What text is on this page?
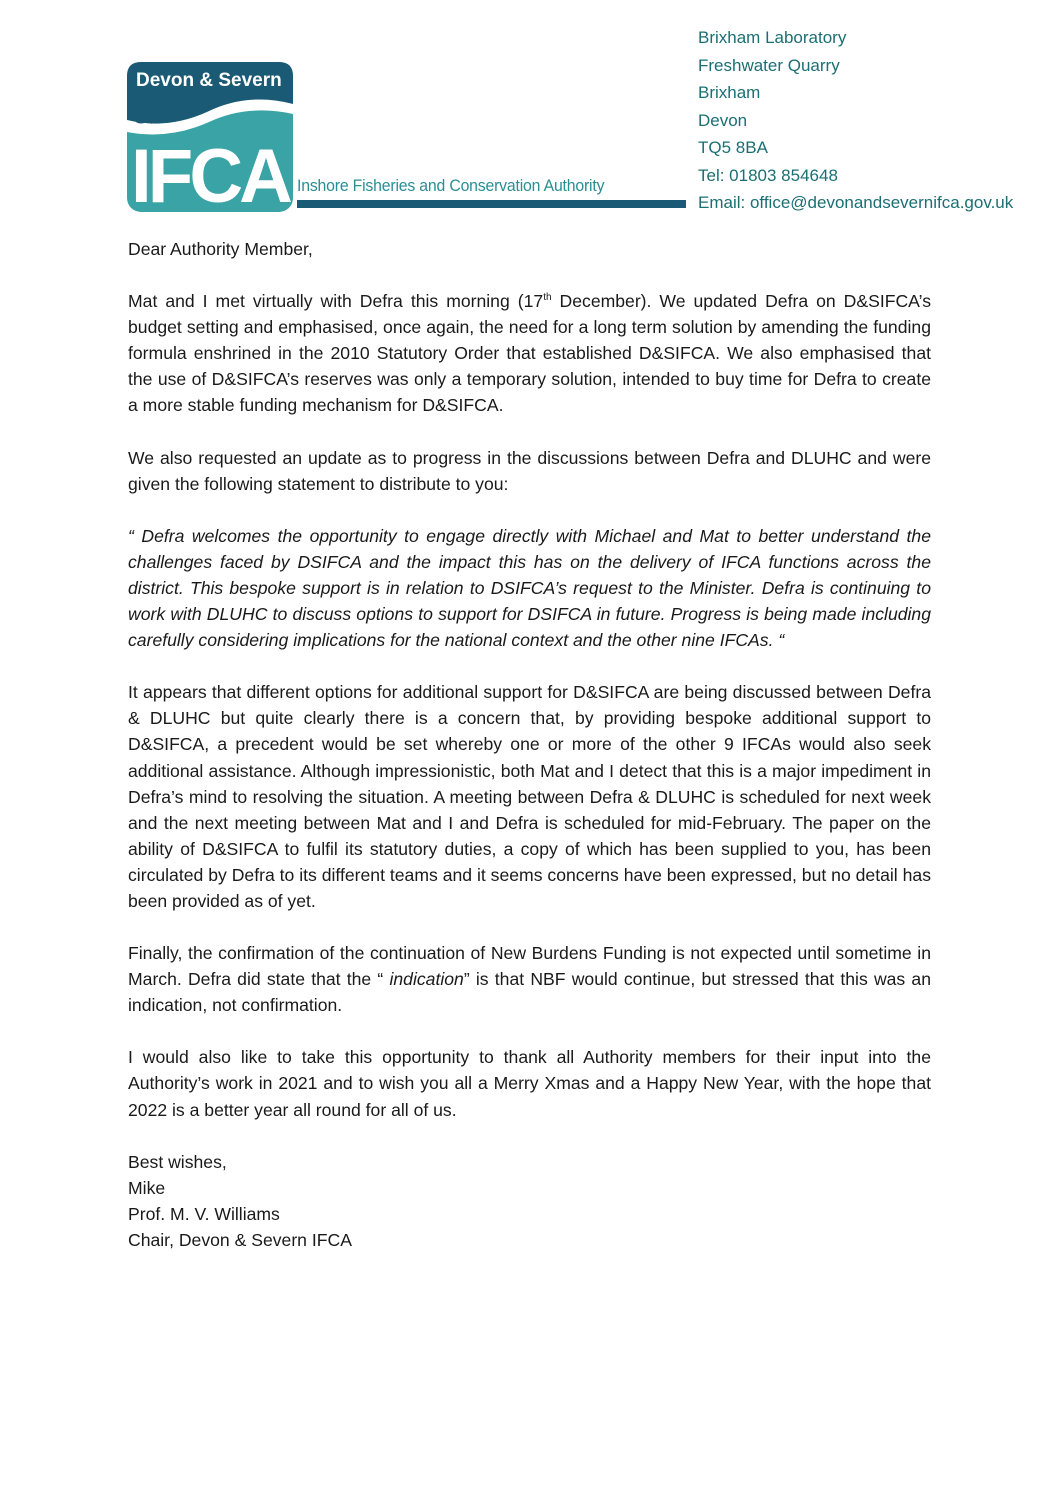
Devon & Severn
IFCA Inshore Fisheries and Conservation Authority
Brixham Laboratory
Freshwater Quarry
Brixham
Devon
TQ5 8BA
Tel: 01803 854648
Email: office@devonandsevernifca.gov.uk

Dear Authority Member,

Mat and I met virtually with Defra this morning (17th December). We updated Defra on D&SIFCA’s budget setting and emphasised, once again, the need for a long term solution by amending the funding formula enshrined in the 2010 Statutory Order that established D&SIFCA. We also emphasised that the use of D&SIFCA’s reserves was only a temporary solution, intended to buy time for Defra to create a more stable funding mechanism for D&SIFCA.

We also requested an update as to progress in the discussions between Defra and DLUHC and were given the following statement to distribute to you:

“ Defra welcomes the opportunity to engage directly with Michael and Mat to better understand the challenges faced by DSIFCA and the impact this has on the delivery of IFCA functions across the district. This bespoke support is in relation to DSIFCA’s request to the Minister. Defra is continuing to work with DLUHC to discuss options to support for DSIFCA in future. Progress is being made including carefully considering implications for the national context and the other nine IFCAs. “

It appears that different options for additional support for D&SIFCA are being discussed between Defra & DLUHC but quite clearly there is a concern that, by providing bespoke additional support to D&SIFCA, a precedent would be set whereby one or more of the other 9 IFCAs would also seek additional assistance. Although impressionistic, both Mat and I detect that this is a major impediment in Defra’s mind to resolving the situation. A meeting between Defra & DLUHC is scheduled for next week and the next meeting between Mat and I and Defra is scheduled for mid-February. The paper on the ability of D&SIFCA to fulfil its statutory duties, a copy of which has been supplied to you, has been circulated by Defra to its different teams and it seems concerns have been expressed, but no detail has been provided as of yet.

Finally, the confirmation of the continuation of New Burdens Funding is not expected until sometime in March. Defra did state that the “ indication” is that NBF would continue, but stressed that this was an indication, not confirmation.

I would also like to take this opportunity to thank all Authority members for their input into the Authority’s work in 2021 and to wish you all a Merry Xmas and a Happy New Year, with the hope that 2022 is a better year all round for all of us.

Best wishes,
Mike
Prof. M. V. Williams
Chair, Devon & Severn IFCA
